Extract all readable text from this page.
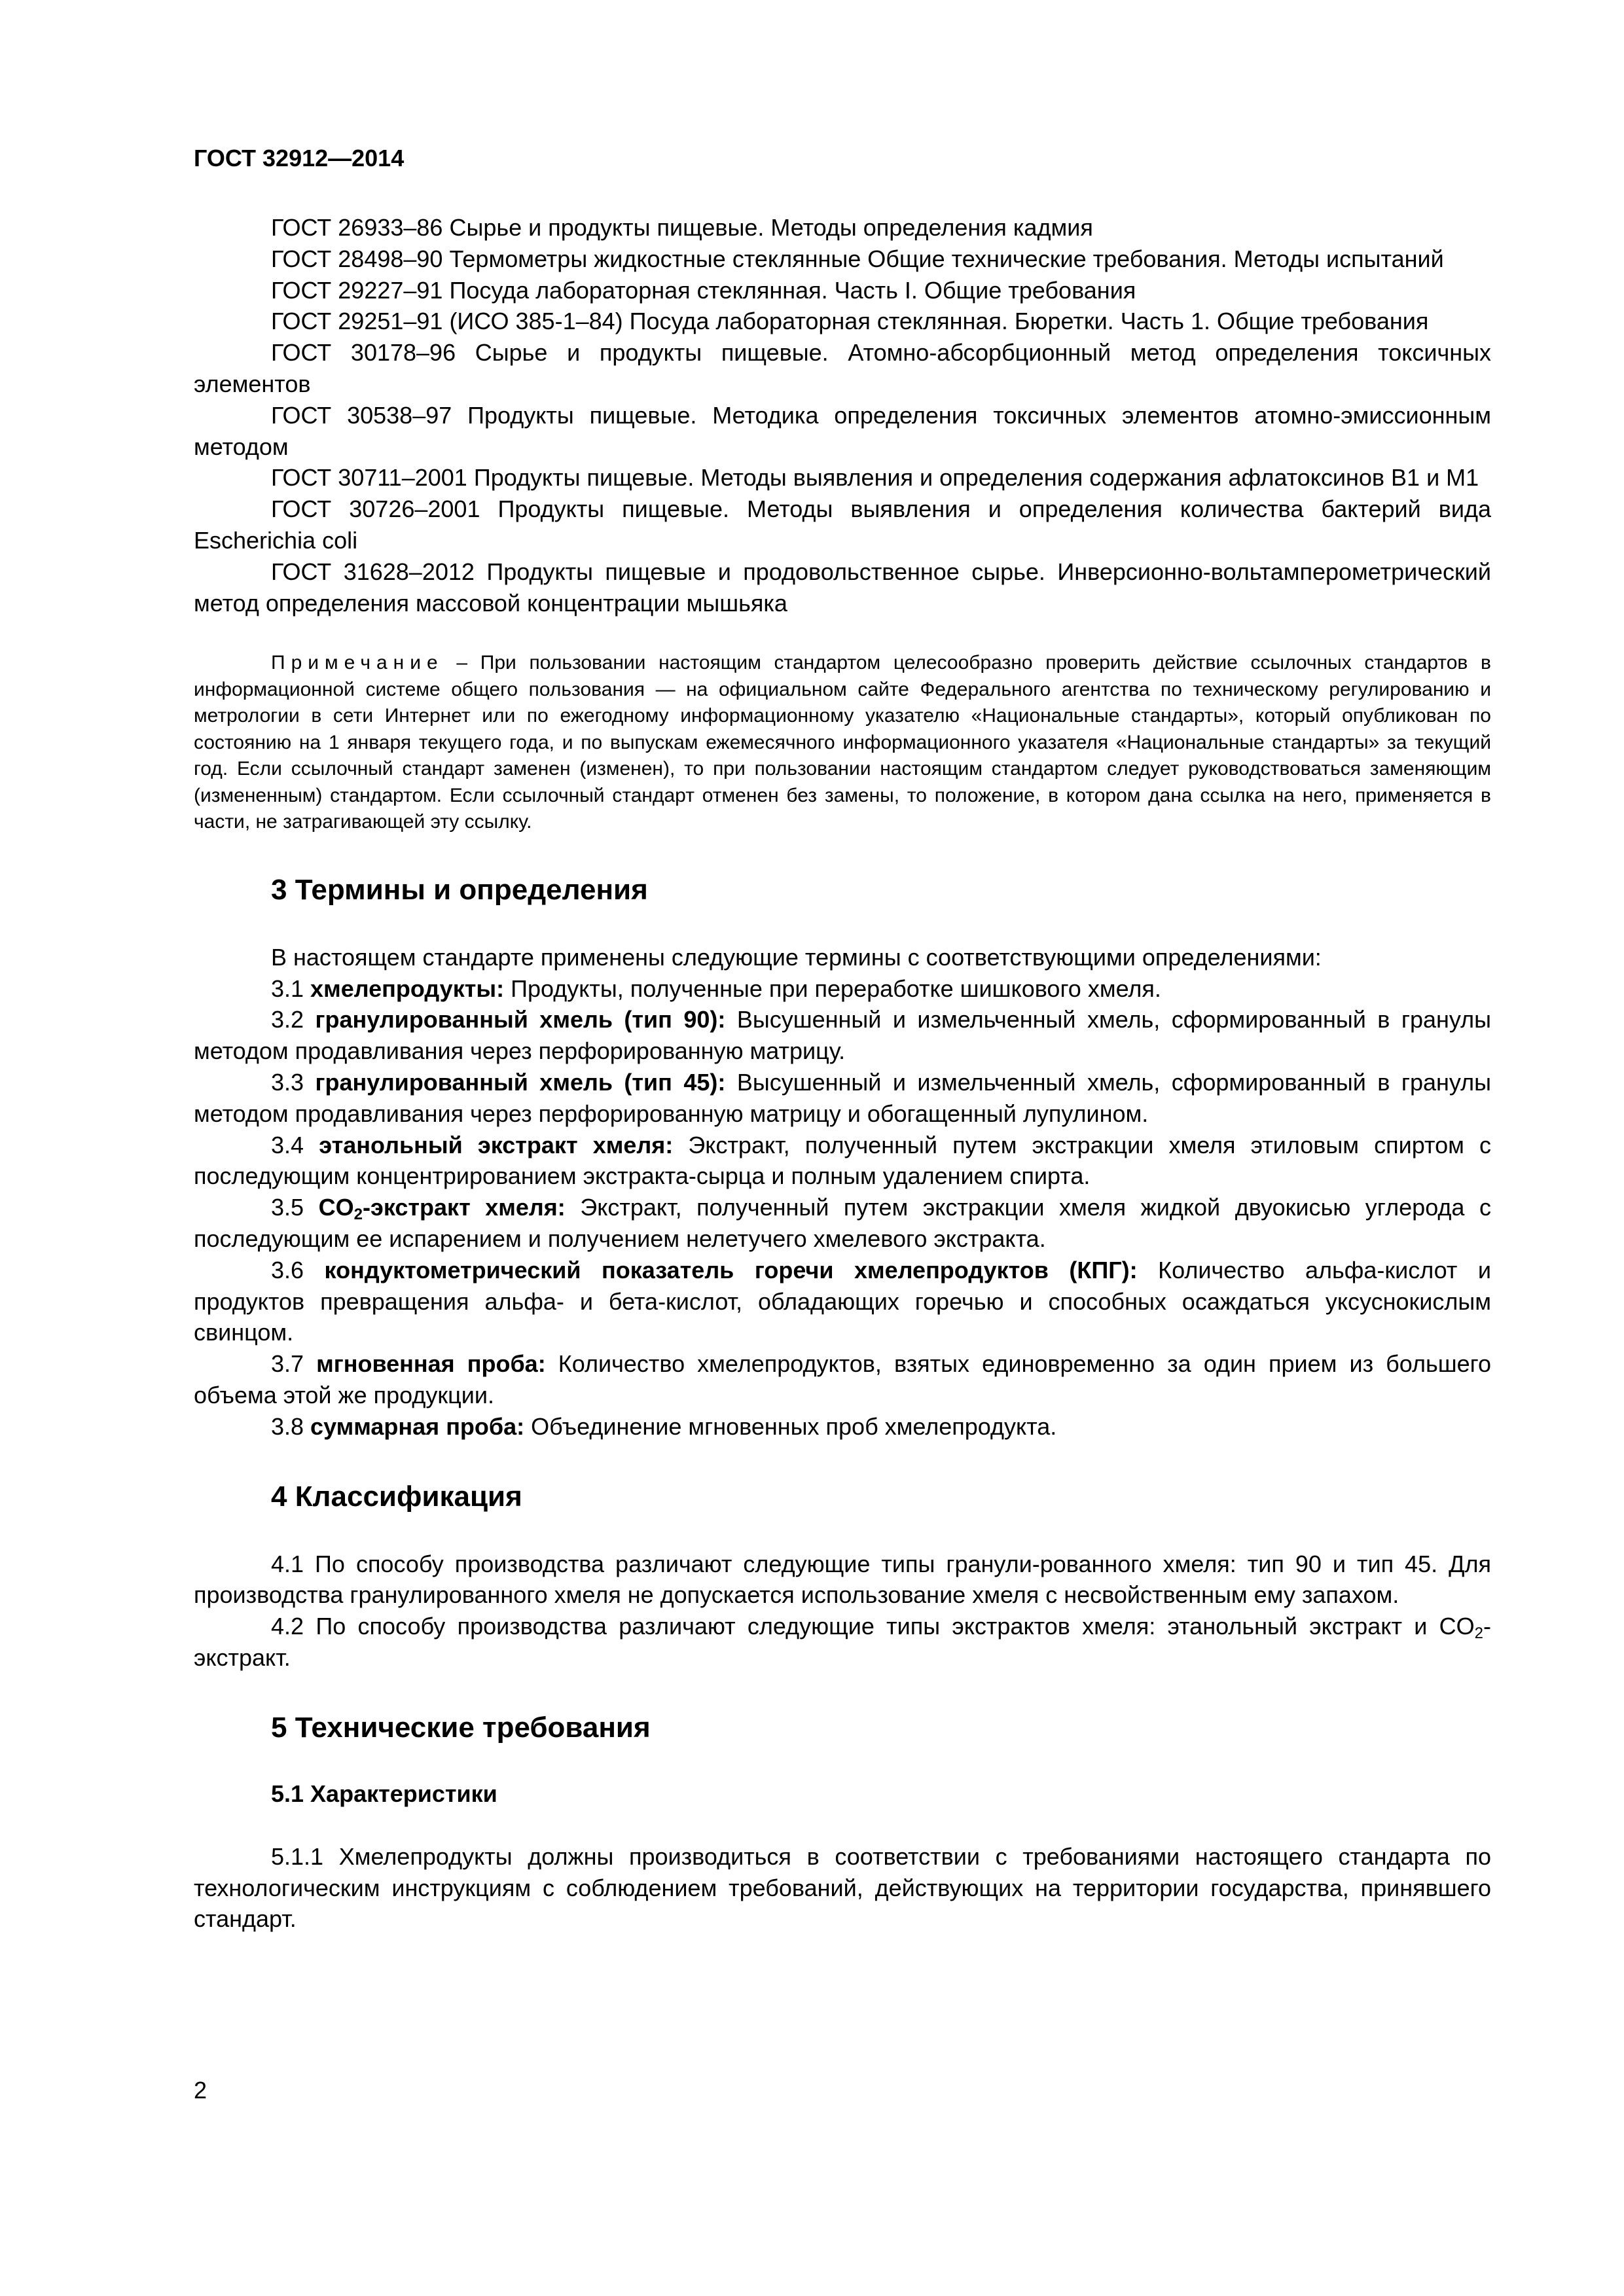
ГОСТ 32912—2014

ГОСТ 26933–86 Сырье и продукты пищевые. Методы определения кадмия

ГОСТ 28498–90 Термометры жидкостные стеклянные Общие технические требования. Методы испытаний

ГОСТ 29227–91 Посуда лабораторная стеклянная. Часть I. Общие требования

ГОСТ 29251–91 (ИСО 385-1–84) Посуда лабораторная стеклянная. Бюретки. Часть 1. Общие требования

ГОСТ 30178–96 Сырье и продукты пищевые. Атомно-абсорбционный метод определения токсичных элементов

ГОСТ 30538–97 Продукты пищевые. Методика определения токсичных элементов атомно-эмиссионным методом

ГОСТ 30711–2001 Продукты пищевые. Методы выявления и определения содержания афлатоксинов В1 и М1

ГОСТ 30726–2001 Продукты пищевые. Методы выявления и определения количества бактерий вида Escherichia coli

ГОСТ 31628–2012 Продукты пищевые и продовольственное сырье. Инверсионно-вольтамперометрический метод определения массовой концентрации мышьяка

Примечание – При пользовании настоящим стандартом целесообразно проверить действие ссылочных стандартов в информационной системе общего пользования — на официальном сайте Федерального агентства по техническому регулированию и метрологии в сети Интернет или по ежегодному информационному указателю «Национальные стандарты», который опубликован по состоянию на 1 января текущего года, и по выпускам ежемесячного информационного указателя «Национальные стандарты» за текущий год. Если ссылочный стандарт заменен (изменен), то при пользовании настоящим стандартом следует руководствоваться заменяющим (измененным) стандартом. Если ссылочный стандарт отменен без замены, то положение, в котором дана ссылка на него, применяется в части, не затрагивающей эту ссылку.

3 Термины и определения

В настоящем стандарте применены следующие термины с соответствующими определениями:

3.1 хмелепродукты: Продукты, полученные при переработке шишкового хмеля.

3.2 гранулированный хмель (тип 90): Высушенный и измельченный хмель, сформированный в гранулы методом продавливания через перфорированную матрицу.

3.3 гранулированный хмель (тип 45): Высушенный и измельченный хмель, сформированный в гранулы методом продавливания через перфорированную матрицу и обогащенный лупулином.

3.4 этанольный экстракт хмеля: Экстракт, полученный путем экстракции хмеля этиловым спиртом с последующим концентрированием экстракта-сырца и полным удалением спирта.

3.5 $CO_2$-экстракт хмеля: Экстракт, полученный путем экстракции хмеля жидкой двуокисью углерода с последующим ее испарением и получением нелетучего хмелевого экстракта.

3.6 кондуктометрический показатель горечи хмелепродуктов (КПГ): Количество альфа-кислот и продуктов превращения альфа- и бета-кислот, обладающих горечью и способных осаждаться уксуснокислым свинцом.

3.7 мгновенная проба: Количество хмелепродуктов, взятых единовременно за один прием из большего объема этой же продукции.

3.8 суммарная проба: Объединение мгновенных проб хмелепродукта.

4 Классификация

4.1 По способу производства различают следующие типы гранули-рованного хмеля: тип 90 и тип 45. Для производства гранулированного хмеля не допускается использование хмеля с несвойственным ему запахом.

4.2 По способу производства различают следующие типы экстрактов хмеля: этанольный экстракт и $CO_2$-экстракт.

5 Технические требования
5.1 Характеристики

5.1.1 Хмелепродукты должны производиться в соответствии с требованиями настоящего стандарта по технологическим инструкциям с соблюдением требований, действующих на территории государства, принявшего стандарт.

2
